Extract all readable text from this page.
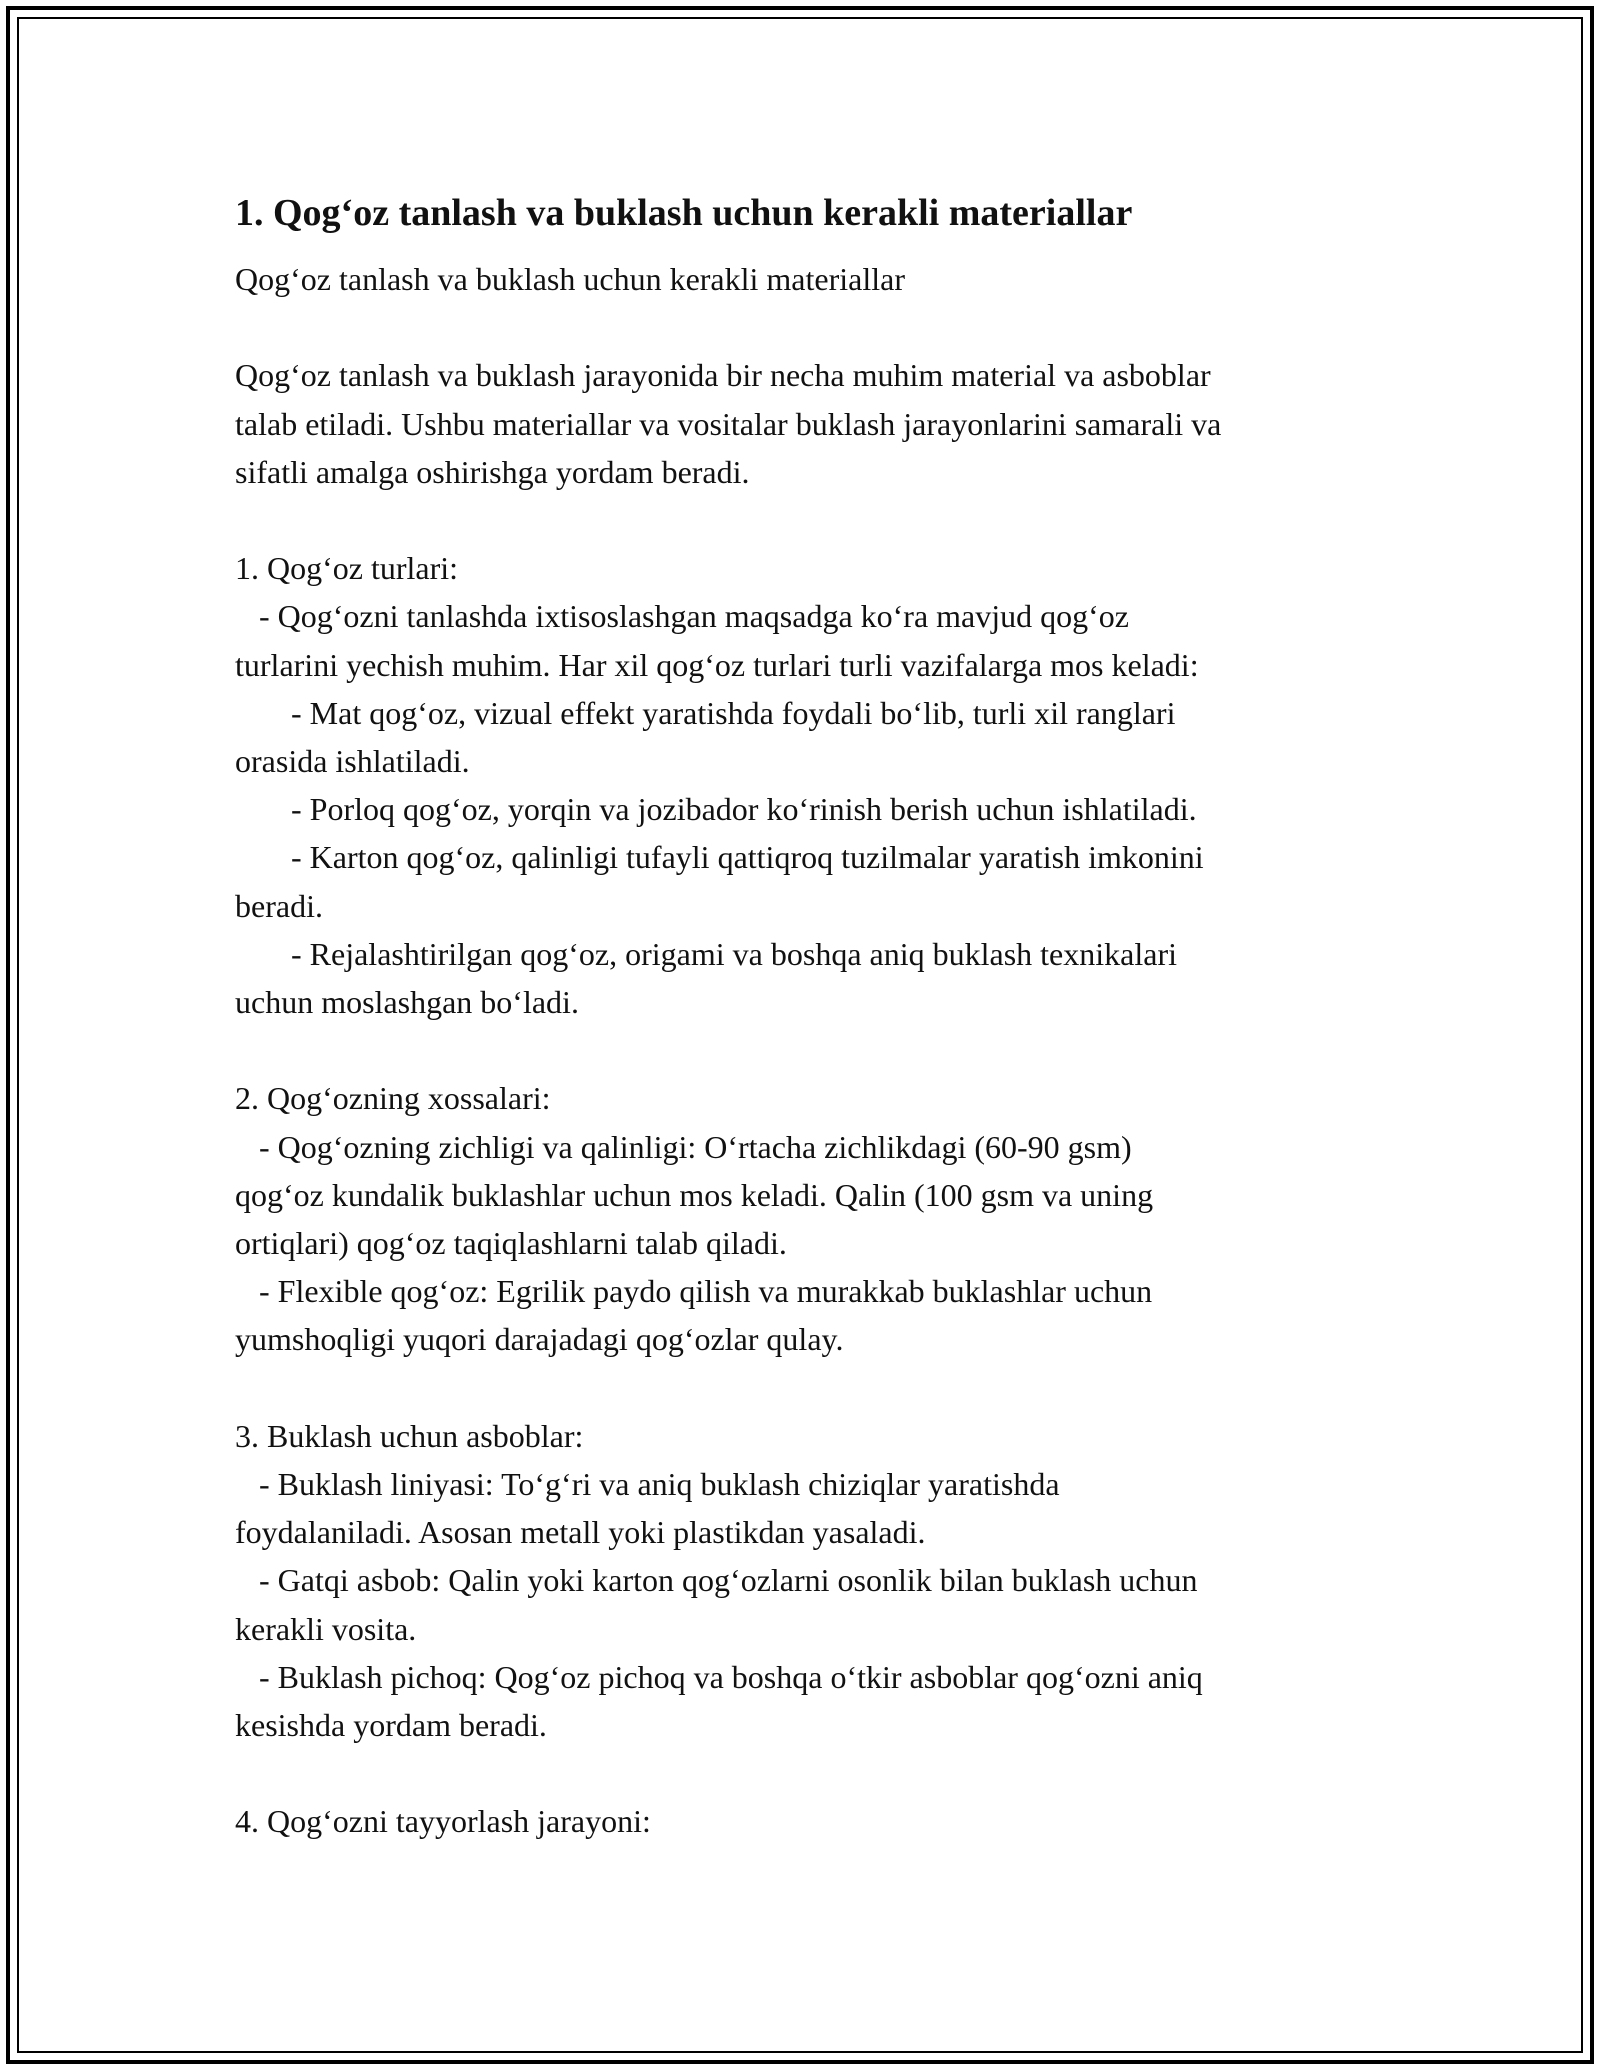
1. Qog‘oz tanlash va buklash uchun kerakli materiallar

Qog‘oz tanlash va buklash uchun kerakli materiallar

Qog‘oz tanlash va buklash jarayonida bir necha muhim material va asboblar

talab etiladi. Ushbu materiallar va vositalar buklash jarayonlarini samarali va

sifatli amalga oshirishga yordam beradi.

1. Qog‘oz turlari:

- Qog‘ozni tanlashda ixtisoslashgan maqsadga ko‘ra mavjud qog‘oz

turlarini yechish muhim. Har xil qog‘oz turlari turli vazifalarga mos keladi:

- Mat qog‘oz, vizual effekt yaratishda foydali bo‘lib, turli xil ranglari

orasida ishlatiladi.

- Porloq qog‘oz, yorqin va jozibador ko‘rinish berish uchun ishlatiladi.

- Karton qog‘oz, qalinligi tufayli qattiqroq tuzilmalar yaratish imkonini

beradi.

- Rejalashtirilgan qog‘oz, origami va boshqa aniq buklash texnikalari

uchun moslashgan bo‘ladi.

2. Qog‘ozning xossalari:

- Qog‘ozning zichligi va qalinligi: O‘rtacha zichlikdagi (60-90 gsm)

qog‘oz kundalik buklashlar uchun mos keladi. Qalin (100 gsm va uning

ortiqlari) qog‘oz taqiqlashlarni talab qiladi.

- Flexible qog‘oz: Egrilik paydo qilish va murakkab buklashlar uchun

yumshoqligi yuqori darajadagi qog‘ozlar qulay.

3. Buklash uchun asboblar:

- Buklash liniyasi: To‘g‘ri va aniq buklash chiziqlar yaratishda

foydalaniladi. Asosan metall yoki plastikdan yasaladi.

- Gatqi asbob: Qalin yoki karton qog‘ozlarni osonlik bilan buklash uchun

kerakli vosita.

- Buklash pichoq: Qog‘oz pichoq va boshqa o‘tkir asboblar qog‘ozni aniq

kesishda yordam beradi.

4. Qog‘ozni tayyorlash jarayoni:
